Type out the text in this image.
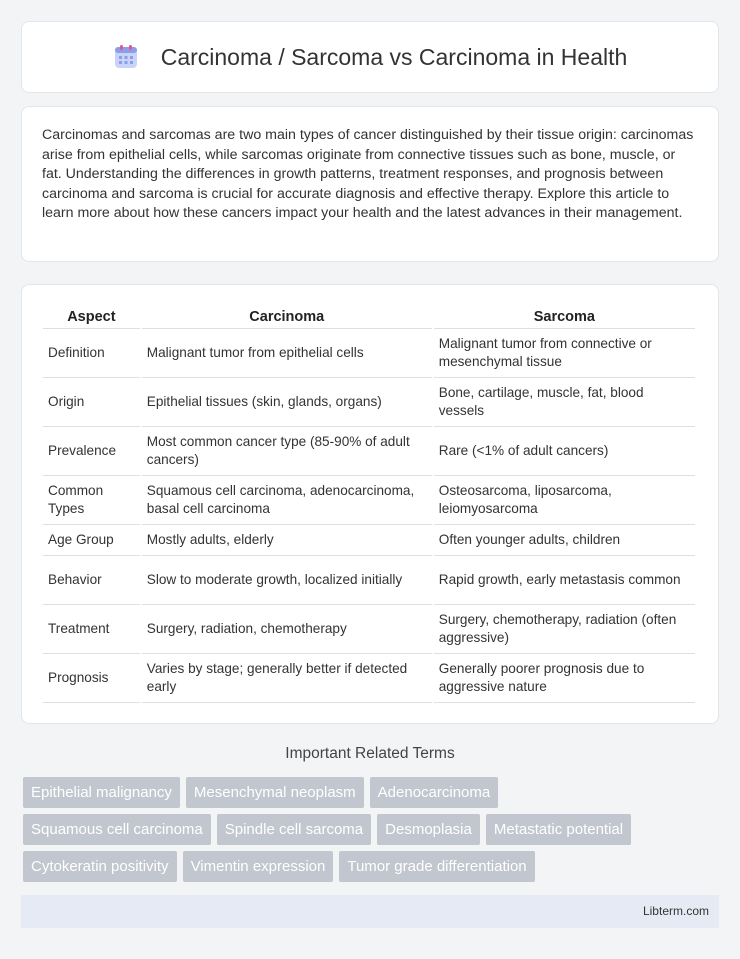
Carcinoma / Sarcoma vs Carcinoma in Health

Carcinomas and sarcomas are two main types of cancer distinguished by their tissue origin: carcinomas arise from epithelial cells, while sarcomas originate from connective tissues such as bone, muscle, or fat. Understanding the differences in growth patterns, treatment responses, and prognosis between carcinoma and sarcoma is crucial for accurate diagnosis and effective therapy. Explore this article to learn more about how these cancers impact your health and the latest advances in their management.

Aspect	Carcinoma	Sarcoma
Definition	Malignant tumor from epithelial cells	Malignant tumor from connective or mesenchymal tissue
Origin	Epithelial tissues (skin, glands, organs)	Bone, cartilage, muscle, fat, blood vessels
Prevalence	Most common cancer type (85-90% of adult cancers)	Rare (<1% of adult cancers)
Common Types	Squamous cell carcinoma, adenocarcinoma, basal cell carcinoma	Osteosarcoma, liposarcoma, leiomyosarcoma
Age Group	Mostly adults, elderly	Often younger adults, children
Behavior	Slow to moderate growth, localized initially	Rapid growth, early metastasis common
Treatment	Surgery, radiation, chemotherapy	Surgery, chemotherapy, radiation (often aggressive)
Prognosis	Varies by stage; generally better if detected early	Generally poorer prognosis due to aggressive nature
Important Related Terms
Epithelial malignancy	Mesenchymal neoplasm	Adenocarcinoma
Squamous cell carcinoma	Spindle cell sarcoma	Desmoplasia	Metastatic potential
Cytokeratin positivity	Vimentin expression	Tumor grade differentiation
Libterm.com
